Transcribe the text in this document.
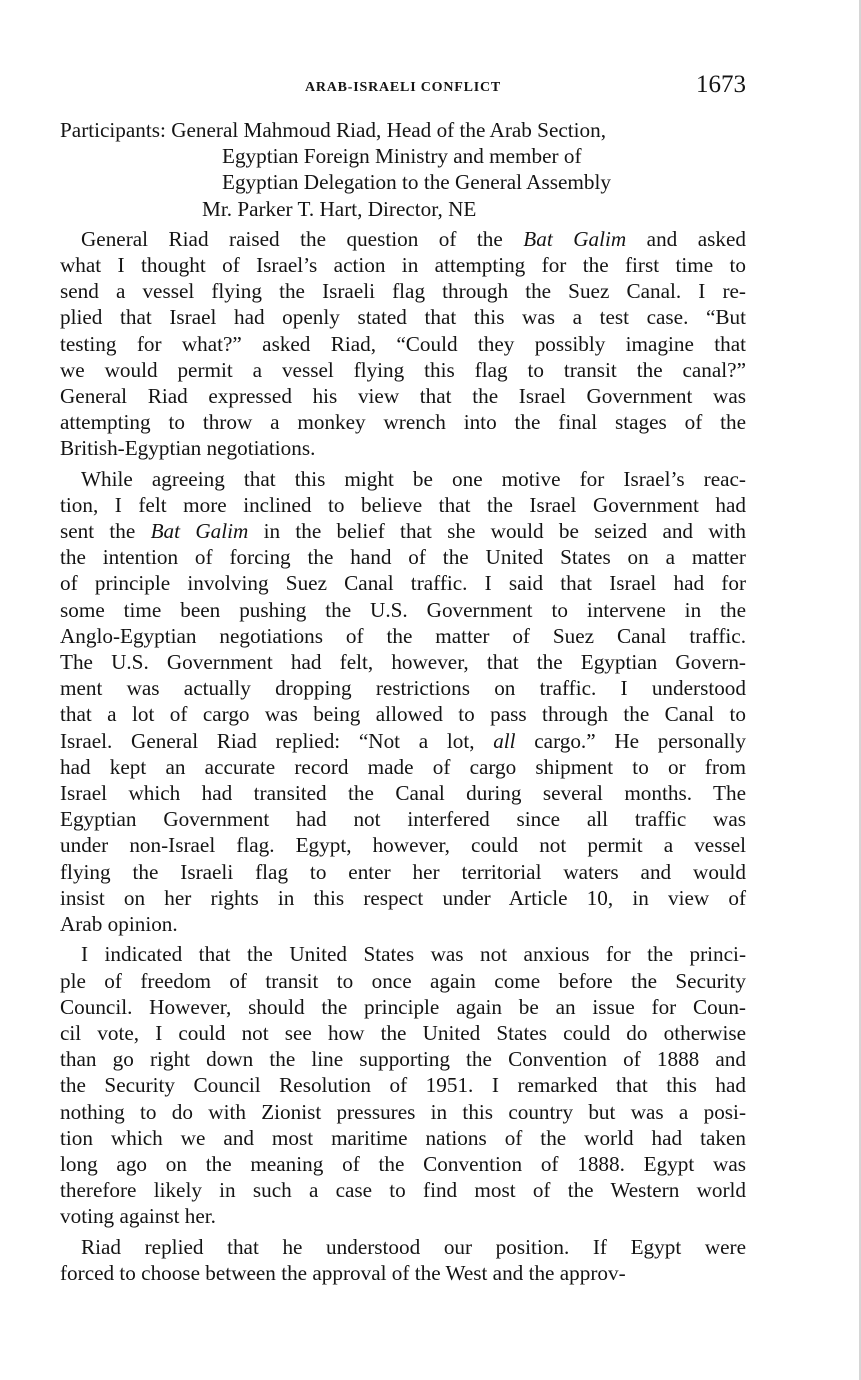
ARAB-ISRAELI CONFLICT	1673
Participants: General Mahmoud Riad, Head of the Arab Section,
Egyptian Foreign Ministry and member of
Egyptian Delegation to the General Assembly
Mr. Parker T. Hart, Director, NE
General Riad raised the question of the Bat Galim and asked
what I thought of Israel’s action in attempting for the first time to
send a vessel flying the Israeli flag through the Suez Canal. I re-
plied that Israel had openly stated that this was a test case. “But
testing for what?” asked Riad, “Could they possibly imagine that
we would permit a vessel flying this flag to transit the canal?”
General Riad expressed his view that the Israel Government was
attempting to throw a monkey wrench into the final stages of the
British-Egyptian negotiations.
While agreeing that this might be one motive for Israel’s reac-
tion, I felt more inclined to believe that the Israel Government had
sent the Bat Galim in the belief that she would be seized and with
the intention of forcing the hand of the United States on a matter
of principle involving Suez Canal traffic. I said that Israel had for
some time been pushing the U.S. Government to intervene in the
Anglo-Egyptian negotiations of the matter of Suez Canal traffic.
The U.S. Government had felt, however, that the Egyptian Govern-
ment was actually dropping restrictions on traffic. I understood
that a lot of cargo was being allowed to pass through the Canal to
Israel. General Riad replied: “Not a lot, all cargo.” He personally
had kept an accurate record made of cargo shipment to or from
Israel which had transited the Canal during several months. The
Egyptian Government had not interfered since all traffic was
under non-Israel flag. Egypt, however, could not permit a vessel
flying the Israeli flag to enter her territorial waters and would
insist on her rights in this respect under Article 10, in view of
Arab opinion.
I indicated that the United States was not anxious for the princi-
ple of freedom of transit to once again come before the Security
Council. However, should the principle again be an issue for Coun-
cil vote, I could not see how the United States could do otherwise
than go right down the line supporting the Convention of 1888 and
the Security Council Resolution of 1951. I remarked that this had
nothing to do with Zionist pressures in this country but was a posi-
tion which we and most maritime nations of the world had taken
long ago on the meaning of the Convention of 1888. Egypt was
therefore likely in such a case to find most of the Western world
voting against her.
Riad replied that he understood our position. If Egypt were
forced to choose between the approval of the West and the approv-
